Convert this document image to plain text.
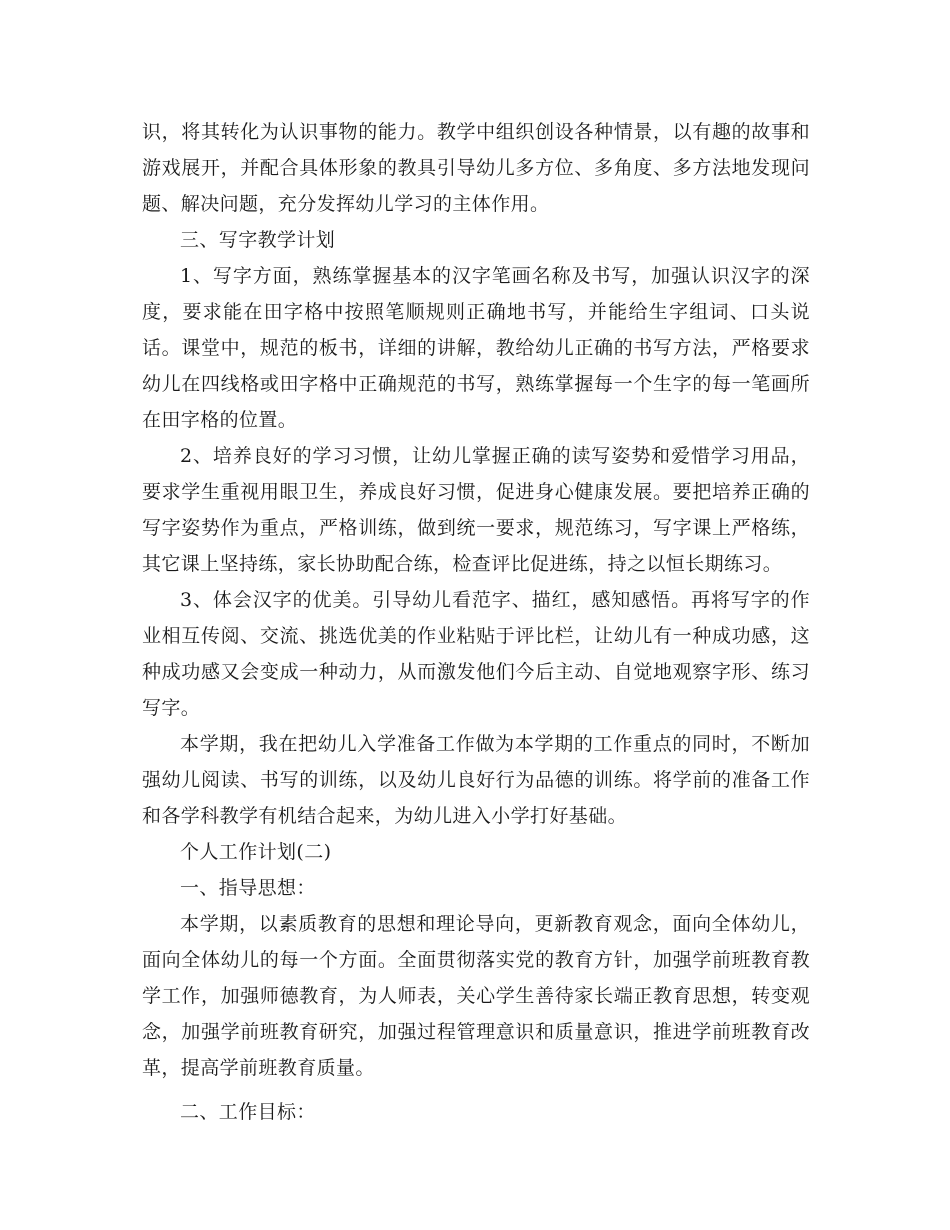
识，将其转化为认识事物的能力。教学中组织创设各种情景，以有趣的故事和游戏展开，并配合具体形象的教具引导幼儿多方位、多角度、多方法地发现问题、解决问题，充分发挥幼儿学习的主体作用。

三、写字教学计划

1、写字方面，熟练掌握基本的汉字笔画名称及书写，加强认识汉字的深度，要求能在田字格中按照笔顺规则正确地书写，并能给生字组词、口头说话。课堂中，规范的板书，详细的讲解，教给幼儿正确的书写方法，严格要求幼儿在四线格或田字格中正确规范的书写，熟练掌握每一个生字的每一笔画所在田字格的位置。

2、培养良好的学习习惯，让幼儿掌握正确的读写姿势和爱惜学习用品，要求学生重视用眼卫生，养成良好习惯，促进身心健康发展。要把培养正确的写字姿势作为重点，严格训练，做到统一要求，规范练习，写字课上严格练，其它课上坚持练，家长协助配合练，检查评比促进练，持之以恒长期练习。

3、体会汉字的优美。引导幼儿看范字、描红，感知感悟。再将写字的作业相互传阅、交流、挑选优美的作业粘贴于评比栏，让幼儿有一种成功感，这种成功感又会变成一种动力，从而激发他们今后主动、自觉地观察字形、练习写字。

本学期，我在把幼儿入学准备工作做为本学期的工作重点的同时，不断加强幼儿阅读、书写的训练，以及幼儿良好行为品德的训练。将学前的准备工作和各学科教学有机结合起来，为幼儿进入小学打好基础。

个人工作计划(二)

一、指导思想：

本学期，以素质教育的思想和理论导向，更新教育观念，面向全体幼儿，面向全体幼儿的每一个方面。全面贯彻落实党的教育方针，加强学前班教育教学工作，加强师德教育，为人师表，关心学生善待家长端正教育思想，转变观念，加强学前班教育研究，加强过程管理意识和质量意识，推进学前班教育改革，提高学前班教育质量。

二、工作目标：
